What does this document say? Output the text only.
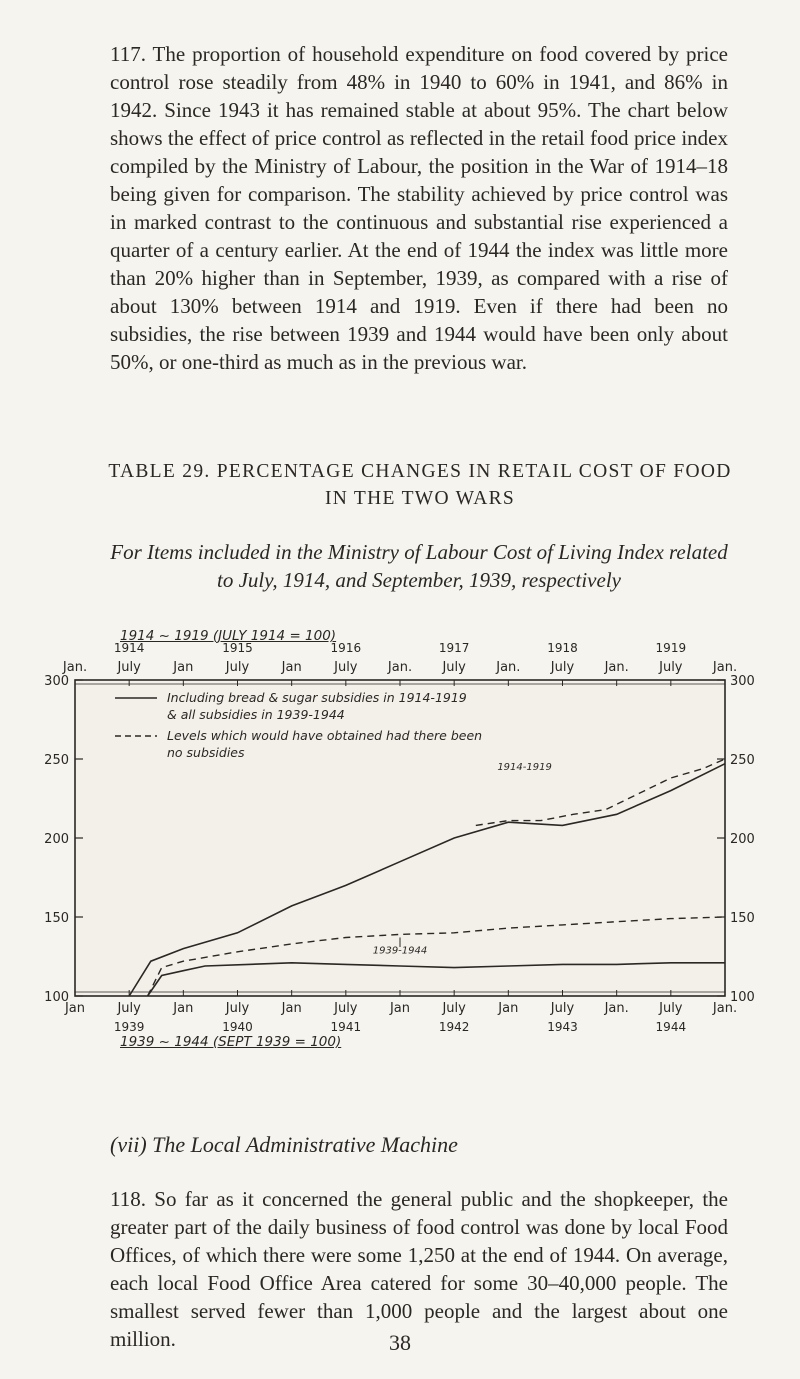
117. The proportion of household expenditure on food covered by price control rose steadily from 48% in 1940 to 60% in 1941, and 86% in 1942. Since 1943 it has remained stable at about 95%. The chart below shows the effect of price control as reflected in the retail food price index compiled by the Ministry of Labour, the position in the War of 1914–18 being given for comparison. The stability achieved by price control was in marked contrast to the continuous and substantial rise experienced a quarter of a century earlier. At the end of 1944 the index was little more than 20% higher than in September, 1939, as compared with a rise of about 130% between 1914 and 1919. Even if there had been no subsidies, the rise between 1939 and 1944 would have been only about 50%, or one-third as much as in the previous war.

TABLE 29. PERCENTAGE CHANGES IN RETAIL COST OF FOOD IN THE TWO WARS

For Items included in the Ministry of Labour Cost of Living Index related to July, 1914, and September, 1939, respectively

1914 ~ 1919 (JULY 1914 = 100)

1914	1915	1916	1917	1918	1919
Jan. July Jan July Jan July Jan. July Jan. July Jan. July Jan.
1939	1940	1941	1942	1943	1944
Jan July Jan July Jan July Jan July Jan July Jan. July Jan.
300
250
200
150
100
300
250
200
150
100
Including bread & sugar subsidies in 1914-1919
& all subsidies in 1939-1944
Levels which would have obtained had there been
no subsidies
1914-1919
1939-1944

1939 ~ 1944 (SEPT 1939 = 100)

(vii) The Local Administrative Machine

118. So far as it concerned the general public and the shopkeeper, the greater part of the daily business of food control was done by local Food Offices, of which there were some 1,250 at the end of 1944. On average, each local Food Office Area catered for some 30–40,000 people. The smallest served fewer than 1,000 people and the largest about one million.	38
